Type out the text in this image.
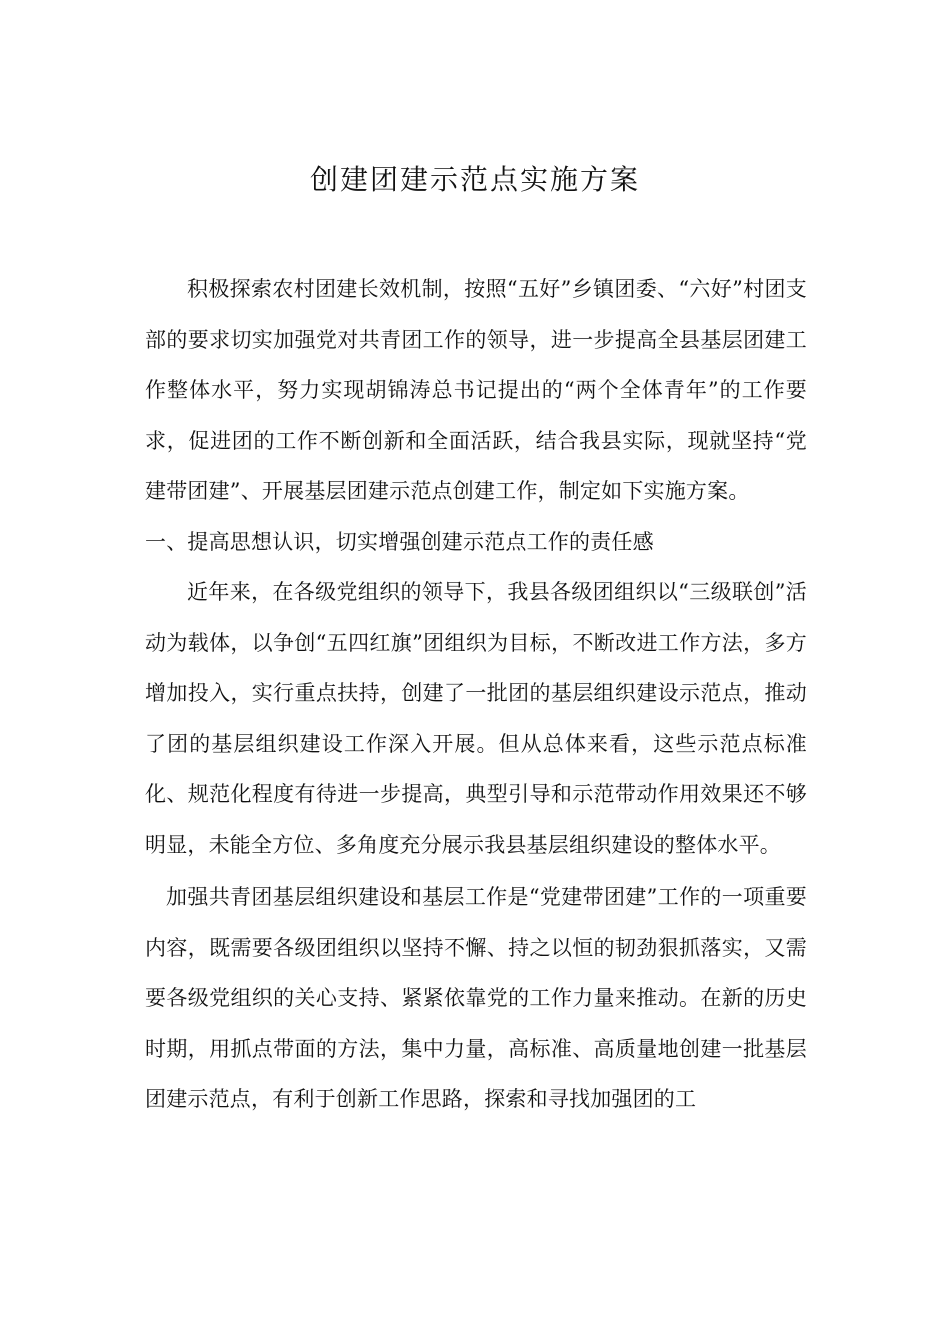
创建团建示范点实施方案

积极探索农村团建长效机制，按照“五好”乡镇团委、“六好”村团支部的要求切实加强党对共青团工作的领导，进一步提高全县基层团建工作整体水平，努力实现胡锦涛总书记提出的“两个全体青年”的工作要求，促进团的工作不断创新和全面活跃，结合我县实际，现就坚持“党建带团建”、开展基层团建示范点创建工作，制定如下实施方案。

一、提高思想认识，切实增强创建示范点工作的责任感

近年来，在各级党组织的领导下，我县各级团组织以“三级联创”活动为载体，以争创“五四红旗”团组织为目标，不断改进工作方法，多方增加投入，实行重点扶持，创建了一批团的基层组织建设示范点，推动了团的基层组织建设工作深入开展。但从总体来看，这些示范点标准化、规范化程度有待进一步提高，典型引导和示范带动作用效果还不够明显，未能全方位、多角度充分展示我县基层组织建设的整体水平。

加强共青团基层组织建设和基层工作是“党建带团建”工作的一项重要内容，既需要各级团组织以坚持不懈、持之以恒的韧劲狠抓落实，又需要各级党组织的关心支持、紧紧依靠党的工作力量来推动。在新的历史时期，用抓点带面的方法，集中力量，高标准、高质量地创建一批基层团建示范点，有利于创新工作思路，探索和寻找加强团的工
